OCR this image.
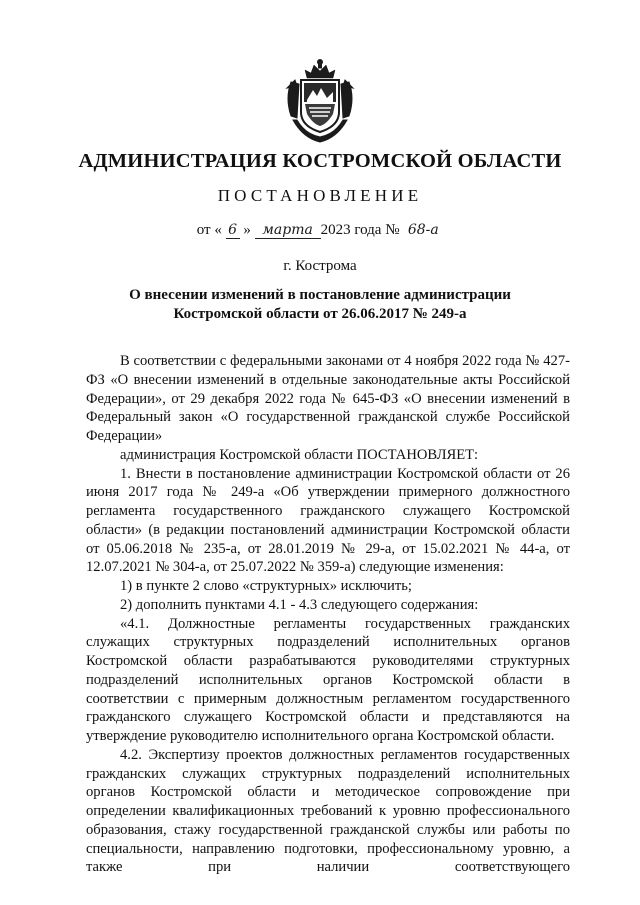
АДМИНИСТРАЦИЯ КОСТРОМСКОЙ ОБЛАСТИ
ПОСТАНОВЛЕНИЕ
от « 6 » марта 2023 года № 68-а
г. Кострома
О внесении изменений в постановление администрации
Костромской области от 26.06.2017 № 249-а

В соответствии с федеральными законами от 4 ноября 2022 года № 427-ФЗ «О внесении изменений в отдельные законодательные акты Российской Федерации», от 29 декабря 2022 года № 645-ФЗ «О внесении изменений в Федеральный закон «О государственной гражданской службе Российской Федерации»

администрация Костромской области ПОСТАНОВЛЯЕТ:

1. Внести в постановление администрации Костромской области от 26 июня 2017 года № 249-а «Об утверждении примерного должностного регламента государственного гражданского служащего Костромской области» (в редакции постановлений администрации Костромской области от 05.06.2018 № 235-а, от 28.01.2019 № 29-а, от 15.02.2021 № 44-а, от 12.07.2021 № 304-а, от 25.07.2022 № 359-а) следующие изменения:

1) в пункте 2 слово «структурных» исключить;

2) дополнить пунктами 4.1 - 4.3 следующего содержания:

«4.1. Должностные регламенты государственных гражданских служащих структурных подразделений исполнительных органов Костромской области разрабатываются руководителями структурных подразделений исполнительных органов Костромской области в соответствии с примерным должностным регламентом государственного гражданского служащего Костромской области и представляются на утверждение руководителю исполнительного органа Костромской области.

4.2. Экспертизу проектов должностных регламентов государственных гражданских служащих структурных подразделений исполнительных органов Костромской области и методическое сопровождение при определении квалификационных требований к уровню профессионального образования, стажу государственной гражданской службы или работы по специальности, направлению подготовки, профессиональному уровню, а также при наличии соответствующего
